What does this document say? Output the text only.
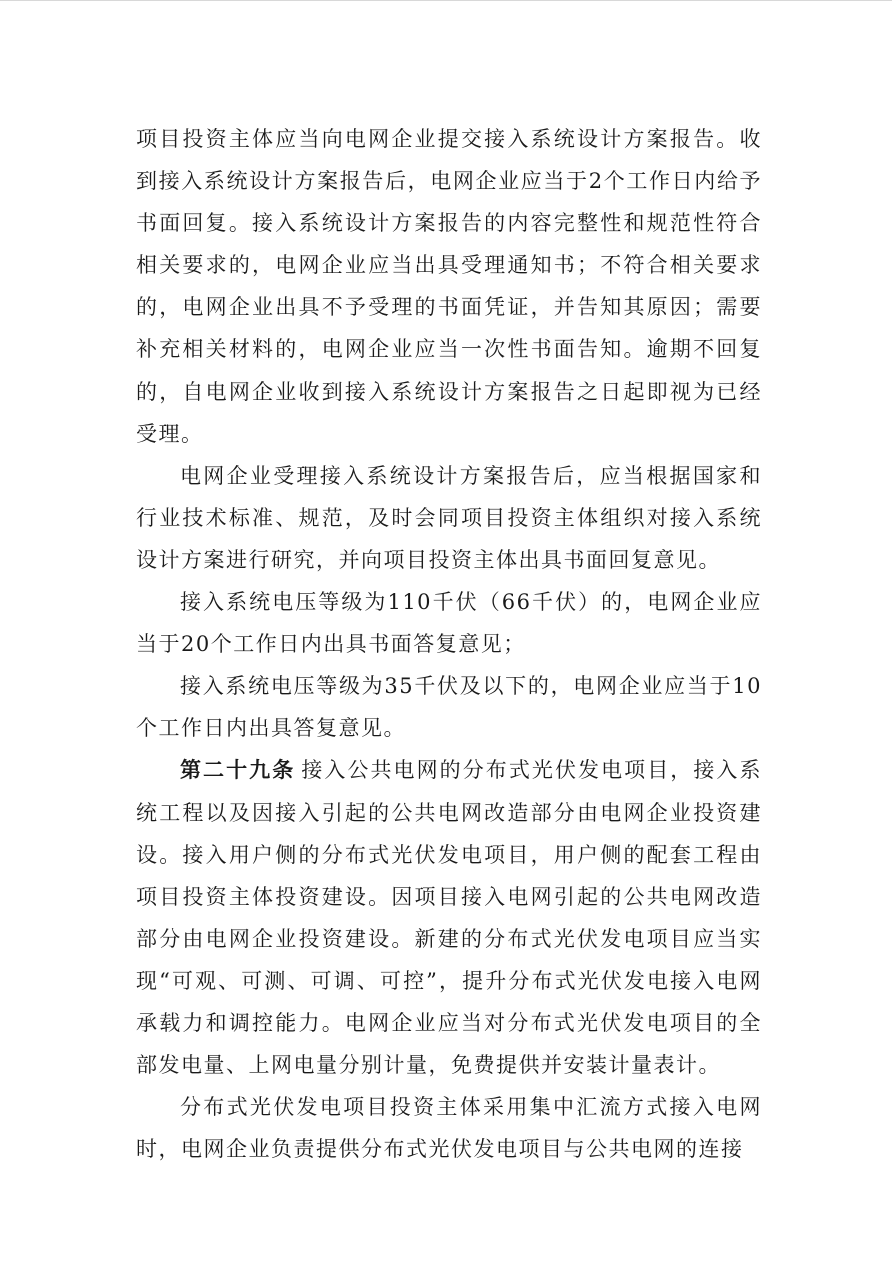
项目投资主体应当向电网企业提交接入系统设计方案报告。收到接入系统设计方案报告后，电网企业应当于2个工作日内给予书面回复。接入系统设计方案报告的内容完整性和规范性符合相关要求的，电网企业应当出具受理通知书；不符合相关要求的，电网企业出具不予受理的书面凭证，并告知其原因；需要补充相关材料的，电网企业应当一次性书面告知。逾期不回复的，自电网企业收到接入系统设计方案报告之日起即视为已经受理。

电网企业受理接入系统设计方案报告后，应当根据国家和行业技术标准、规范，及时会同项目投资主体组织对接入系统设计方案进行研究，并向项目投资主体出具书面回复意见。

接入系统电压等级为110千伏（66千伏）的，电网企业应当于20个工作日内出具书面答复意见；

接入系统电压等级为35千伏及以下的，电网企业应当于10个工作日内出具答复意见。

第二十九条 接入公共电网的分布式光伏发电项目，接入系统工程以及因接入引起的公共电网改造部分由电网企业投资建设。接入用户侧的分布式光伏发电项目，用户侧的配套工程由项目投资主体投资建设。因项目接入电网引起的公共电网改造部分由电网企业投资建设。新建的分布式光伏发电项目应当实现“可观、可测、可调、可控”，提升分布式光伏发电接入电网承载力和调控能力。电网企业应当对分布式光伏发电项目的全部发电量、上网电量分别计量，免费提供并安装计量表计。

分布式光伏发电项目投资主体采用集中汇流方式接入电网时，电网企业负责提供分布式光伏发电项目与公共电网的连接
